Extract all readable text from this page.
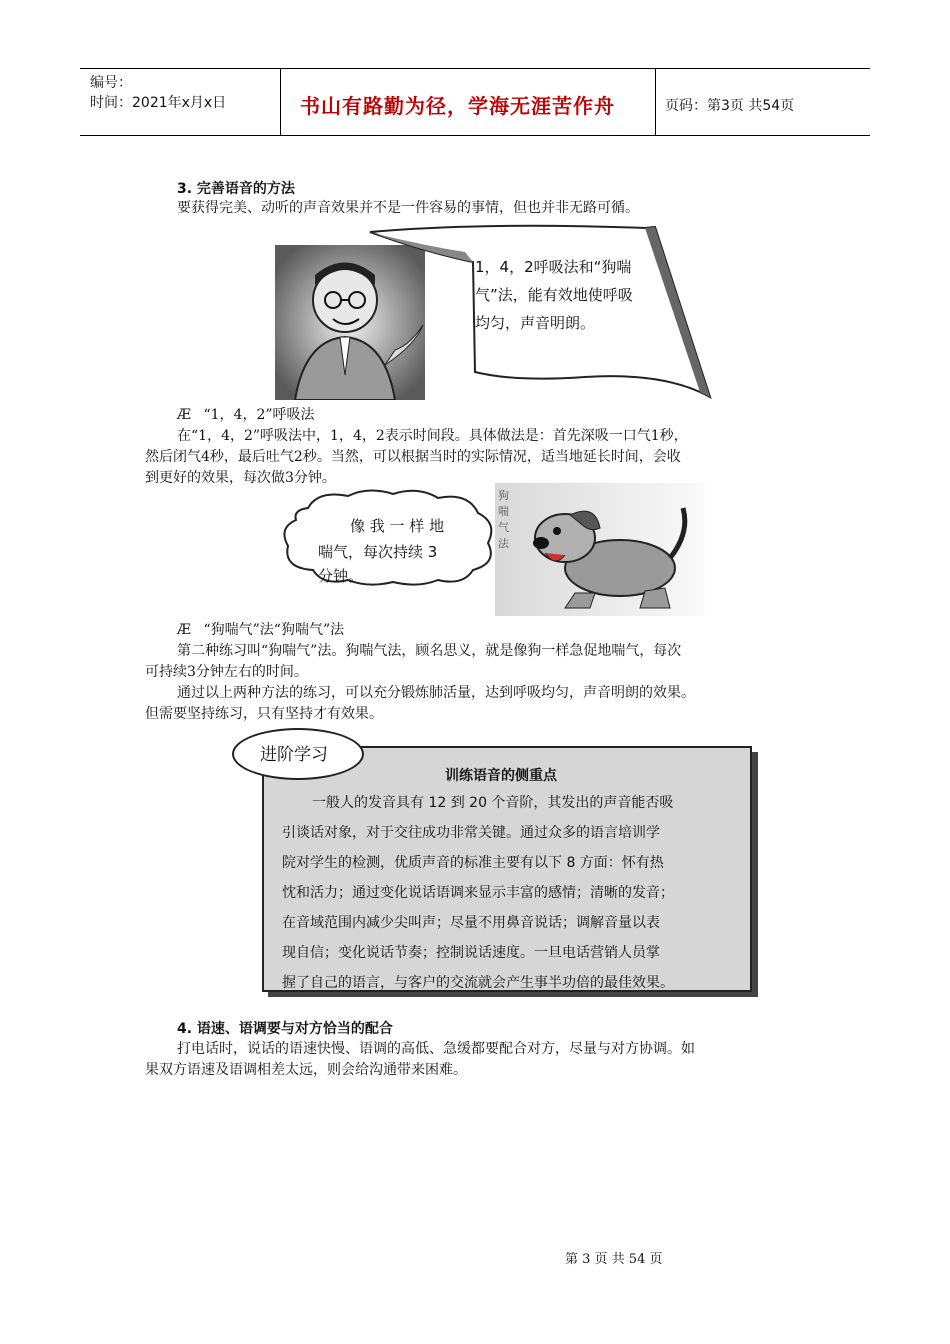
编号：
时间：2021年x月x日	书山有路勤为径，学海无涯苦作舟	页码：第3页 共54页
3. 完善语音的方法
要获得完美、动听的声音效果并不是一件容易的事情，但也并非无路可循。
1，4，2呼吸法和“狗喘气”法，能有效地使呼吸均匀，声音明朗。
Æ “1，4，2”呼吸法
在“1，4，2”呼吸法中，1，4，2表示时间段。具体做法是：首先深吸一口气1秒，
然后闭气4秒，最后吐气2秒。当然，可以根据当时的实际情况，适当地延长时间，会收
到更好的效果，每次做3分钟。
像 我 一 样 地
喘气，每次持续 3
分钟。
狗喘气法
Æ “狗喘气”法“狗喘气”法
第二种练习叫“狗喘气”法。狗喘气法，顾名思义，就是像狗一样急促地喘气，每次
可持续3分钟左右的时间。
通过以上两种方法的练习，可以充分锻炼肺活量，达到呼吸均匀，声音明朗的效果。
但需要坚持练习，只有坚持才有效果。
进阶学习
训练语音的侧重点
一般人的发音具有 12 到 20 个音阶，其发出的声音能否吸
引谈话对象，对于交往成功非常关键。通过众多的语言培训学
院对学生的检测，优质声音的标准主要有以下 8 方面：怀有热
忱和活力；通过变化说话语调来显示丰富的感情；清晰的发音；
在音域范围内减少尖叫声；尽量不用鼻音说话；调解音量以表
现自信；变化说话节奏；控制说话速度。一旦电话营销人员掌
握了自己的语言，与客户的交流就会产生事半功倍的最佳效果。
4. 语速、语调要与对方恰当的配合
打电话时，说话的语速快慢、语调的高低、急缓都要配合对方，尽量与对方协调。如
果双方语速及语调相差太远，则会给沟通带来困难。
第 3 页 共 54 页
